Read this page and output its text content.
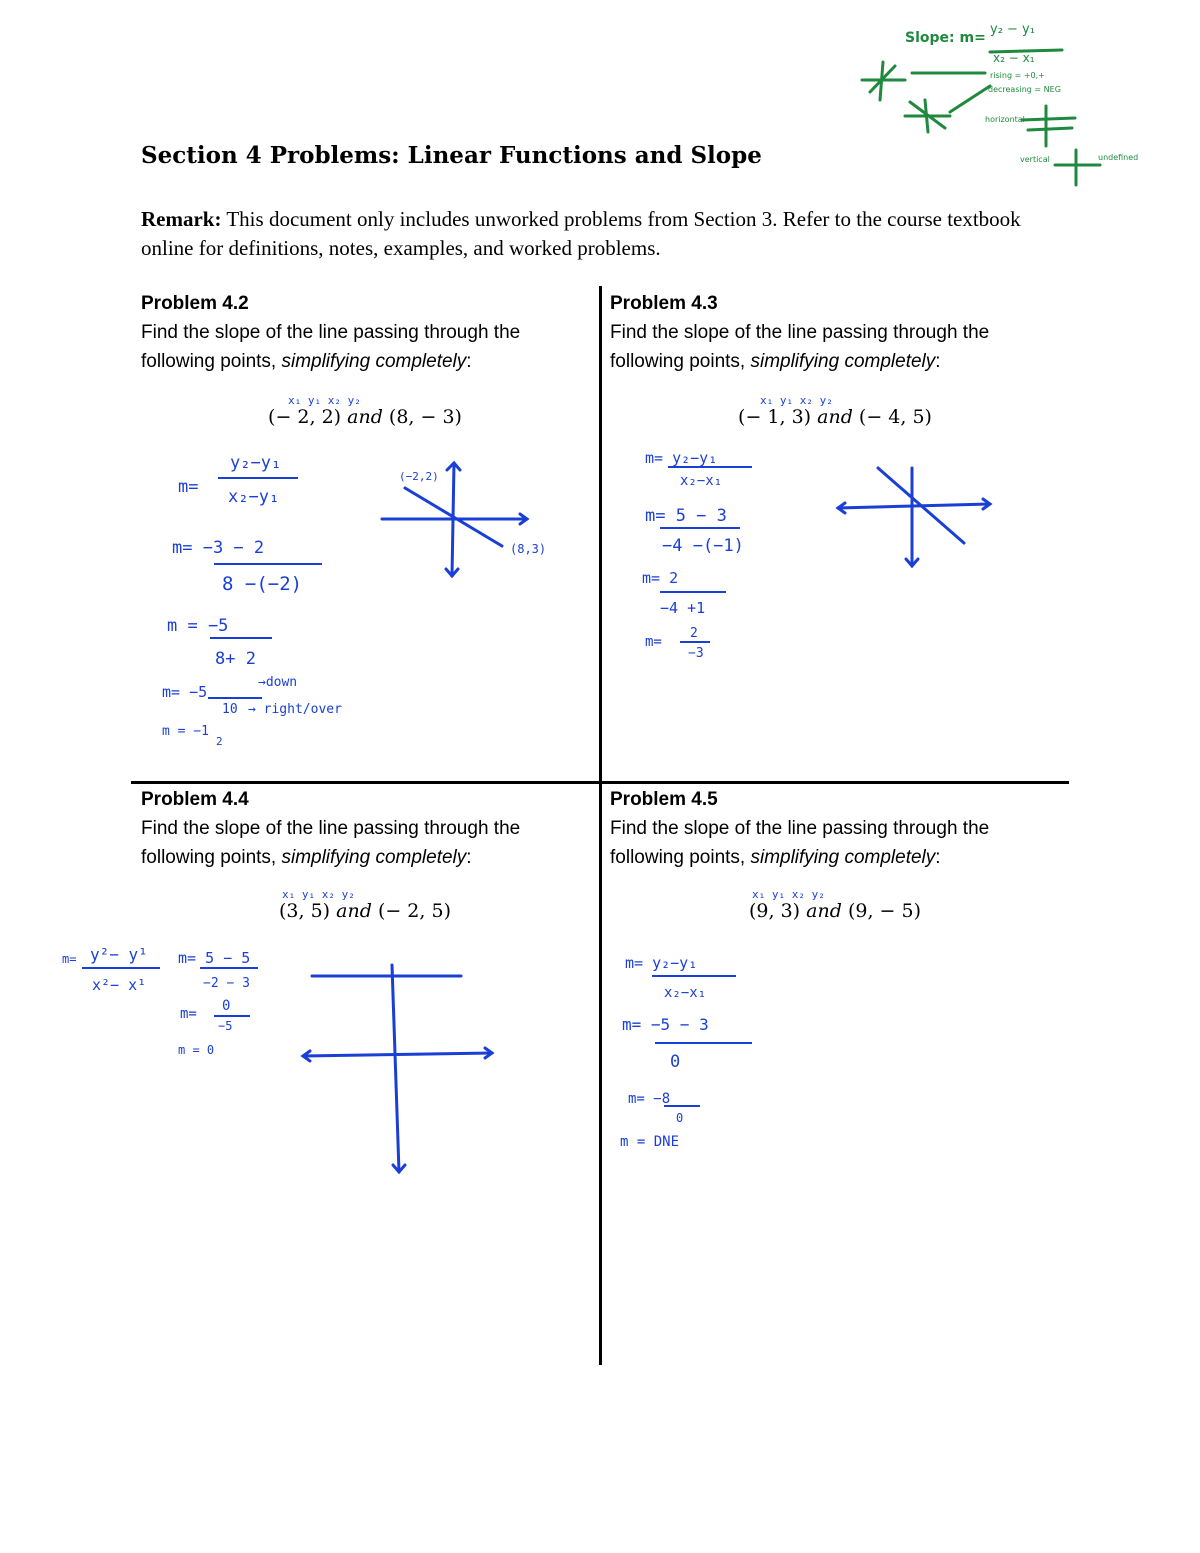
Section 4 Problems: Linear Functions and Slope
Remark: This document only includes unworked problems from Section 3. Refer to the course textbook online for definitions, notes, examples, and worked problems.
Problem 4.2
Find the slope of the line passing through the following points, simplifying completely:
(− 2, 2) and (8, − 3)
Problem 4.3
Find the slope of the line passing through the following points, simplifying completely:
(− 1, 3) and (− 4, 5)
Problem 4.4
Find the slope of the line passing through the following points, simplifying completely:
(3, 5) and (− 2, 5)
Problem 4.5
Find the slope of the line passing through the following points, simplifying completely:
(9, 3) and (9, − 5)
Slope: m=
y₂ − y₁
x₂ − x₁
rising = +0,+
decreasing = NEG
horizontal
vertical	undefined
x₁ y₁ x₂ y₂
m=
y₂−y₁
x₂−y₁
m= −3 − 2
8 −(−2)
m = −5
8+ 2
m= −5
→down
10 → right/over
m = −1
2
(−2,2)
(8,3)
x₁ y₁ x₂ y₂
m= y₂−y₁
x₂−x₁
m= 5 − 3
−4 −(−1)
m= 2
−4 +1
m=
2
−3
x₁ y₁ x₂ y₂
m= y²− y¹
x²− x¹
m= 5 − 5
−2 − 3
m= 0
−5
m = 0
x₁ y₁ x₂ y₂
m= y₂−y₁
x₂−x₁
m= −5 − 3
0
m= −8
0
m = DNE
